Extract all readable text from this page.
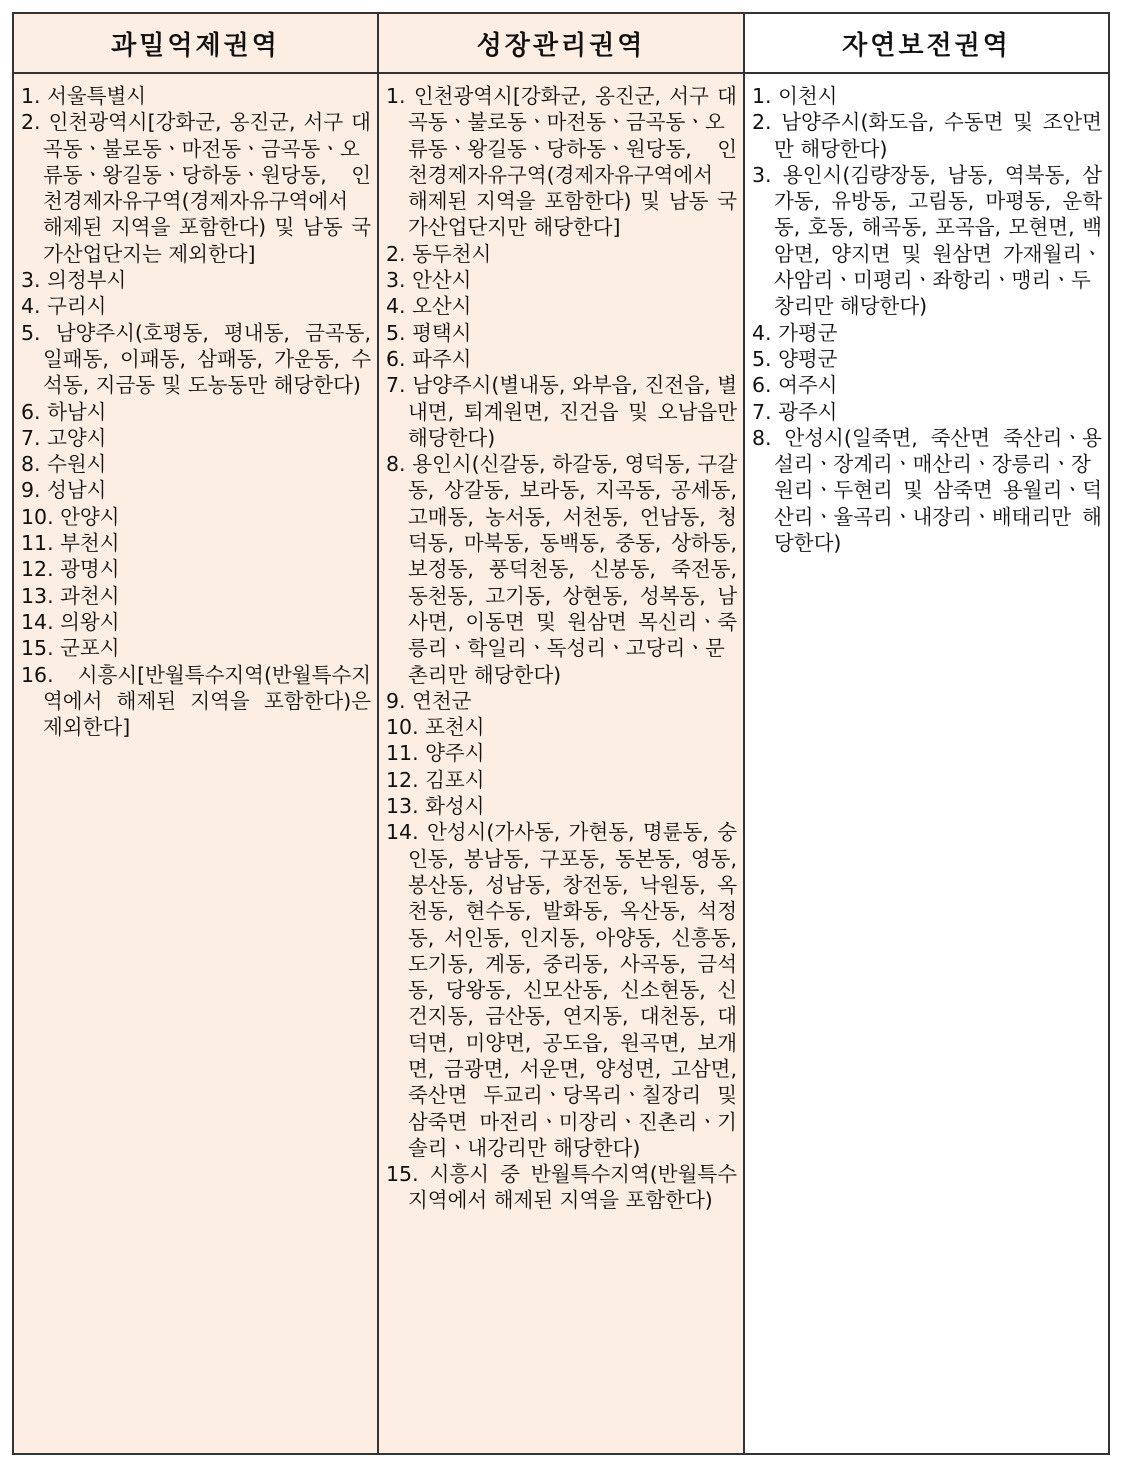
과밀억제권역	성장관리권역	자연보전권역
1. 서울특별시
2. 인천광역시[강화군, 옹진군, 서구 대곡동ㆍ불로동ㆍ마전동ㆍ금곡동ㆍ오류동ㆍ왕길동ㆍ당하동ㆍ원당동, 인천경제자유구역(경제자유구역에서 해제된 지역을 포함한다) 및 남동 국가산업단지는 제외한다]
3. 의정부시
4. 구리시
5. 남양주시(호평동, 평내동, 금곡동, 일패동, 이패동, 삼패동, 가운동, 수석동, 지금동 및 도농동만 해당한다)
6. 하남시
7. 고양시
8. 수원시
9. 성남시
10. 안양시
11. 부천시
12. 광명시
13. 과천시
14. 의왕시
15. 군포시
16. 시흥시[반월특수지역(반월특수지역에서 해제된 지역을 포함한다)은 제외한다]
1. 인천광역시[강화군, 옹진군, 서구 대곡동ㆍ불로동ㆍ마전동ㆍ금곡동ㆍ오류동ㆍ왕길동ㆍ당하동ㆍ원당동, 인천경제자유구역(경제자유구역에서 해제된 지역을 포함한다) 및 남동 국가산업단지만 해당한다]
2. 동두천시
3. 안산시
4. 오산시
5. 평택시
6. 파주시
7. 남양주시(별내동, 와부읍, 진전읍, 별내면, 퇴계원면, 진건읍 및 오남읍만 해당한다)
8. 용인시(신갈동, 하갈동, 영덕동, 구갈동, 상갈동, 보라동, 지곡동, 공세동, 고매동, 농서동, 서천동, 언남동, 청덕동, 마북동, 동백동, 중동, 상하동, 보정동, 풍덕천동, 신봉동, 죽전동, 동천동, 고기동, 상현동, 성복동, 남사면, 이동면 및 원삼면 목신리ㆍ죽릉리ㆍ학일리ㆍ독성리ㆍ고당리ㆍ문촌리만 해당한다)
9. 연천군
10. 포천시
11. 양주시
12. 김포시
13. 화성시
14. 안성시(가사동, 가현동, 명륜동, 숭인동, 봉남동, 구포동, 동본동, 영동, 봉산동, 성남동, 창전동, 낙원동, 옥천동, 현수동, 발화동, 옥산동, 석정동, 서인동, 인지동, 아양동, 신흥동, 도기동, 계동, 중리동, 사곡동, 금석동, 당왕동, 신모산동, 신소현동, 신건지동, 금산동, 연지동, 대천동, 대덕면, 미양면, 공도읍, 원곡면, 보개면, 금광면, 서운면, 양성면, 고삼면, 죽산면 두교리ㆍ당목리ㆍ칠장리 및 삼죽면 마전리ㆍ미장리ㆍ진촌리ㆍ기솔리ㆍ내강리만 해당한다)
15. 시흥시 중 반월특수지역(반월특수지역에서 해제된 지역을 포함한다)
1. 이천시
2. 남양주시(화도읍, 수동면 및 조안면만 해당한다)
3. 용인시(김량장동, 남동, 역북동, 삼가동, 유방동, 고림동, 마평동, 운학동, 호동, 해곡동, 포곡읍, 모현면, 백암면, 양지면 및 원삼면 가재월리ㆍ사암리ㆍ미평리ㆍ좌항리ㆍ맹리ㆍ두창리만 해당한다)
4. 가평군
5. 양평군
6. 여주시
7. 광주시
8. 안성시(일죽면, 죽산면 죽산리ㆍ용설리ㆍ장계리ㆍ매산리ㆍ장릉리ㆍ장원리ㆍ두현리 및 삼죽면 용월리ㆍ덕산리ㆍ율곡리ㆍ내장리ㆍ배태리만 해당한다)
